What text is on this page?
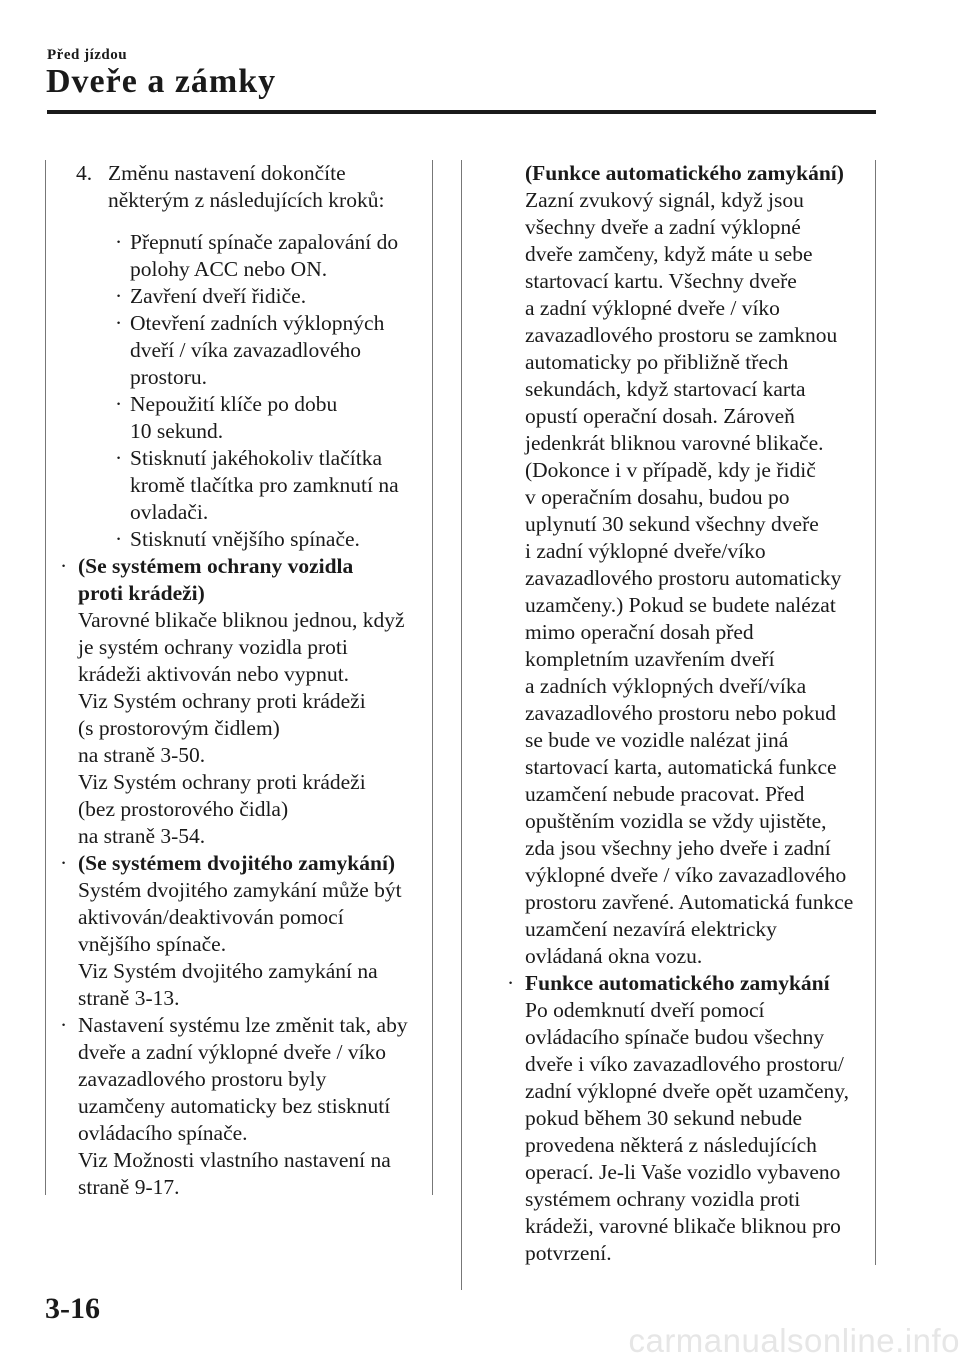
Před jízdou
Dveře a zámky
4. Změnu nastavení dokončíte

některým z následujících kroků:

· Přepnutí spínače zapalování do

polohy ACC nebo ON.

· Zavření dveří řidiče.

· Otevření zadních výklopných

dveří / víka zavazadlového

prostoru.

· Nepoužití klíče po dobu

10 sekund.

· Stisknutí jakéhokoliv tlačítka

kromě tlačítka pro zamknutí na

ovladači.

· Stisknutí vnějšího spínače.

· (Se systémem ochrany vozidla

proti krádeži)

Varovné blikače bliknou jednou, když

je systém ochrany vozidla proti

krádeži aktivován nebo vypnut.

Viz Systém ochrany proti krádeži

(s prostorovým čidlem)

na straně 3-50.

Viz Systém ochrany proti krádeži

(bez prostorového čidla)

na straně 3-54.

· (Se systémem dvojitého zamykání)

Systém dvojitého zamykání může být

aktivován/deaktivován pomocí

vnějšího spínače.

Viz Systém dvojitého zamykání na

straně 3-13.

· Nastavení systému lze změnit tak, aby

dveře a zadní výklopné dveře / víko

zavazadlového prostoru byly

uzamčeny automaticky bez stisknutí

ovládacího spínače.

Viz Možnosti vlastního nastavení na

straně 9-17.

(Funkce automatického zamykání)

Zazní zvukový signál, když jsou

všechny dveře a zadní výklopné

dveře zamčeny, když máte u sebe

startovací kartu. Všechny dveře

a zadní výklopné dveře / víko

zavazadlového prostoru se zamknou

automaticky po přibližně třech

sekundách, když startovací karta

opustí operační dosah. Zároveň

jedenkrát bliknou varovné blikače.

(Dokonce i v případě, kdy je řidič

v operačním dosahu, budou po

uplynutí 30 sekund všechny dveře

i zadní výklopné dveře/víko

zavazadlového prostoru automaticky

uzamčeny.) Pokud se budete nalézat

mimo operační dosah před

kompletním uzavřením dveří

a zadních výklopných dveří/víka

zavazadlového prostoru nebo pokud

se bude ve vozidle nalézat jiná

startovací karta, automatická funkce

uzamčení nebude pracovat. Před

opuštěním vozidla se vždy ujistěte,

zda jsou všechny jeho dveře i zadní

výklopné dveře / víko zavazadlového

prostoru zavřené. Automatická funkce

uzamčení nezavírá elektricky

ovládaná okna vozu.

· Funkce automatického zamykání

Po odemknutí dveří pomocí

ovládacího spínače budou všechny

dveře i víko zavazadlového prostoru/

zadní výklopné dveře opět uzamčeny,

pokud během 30 sekund nebude

provedena některá z následujících

operací. Je-li Vaše vozidlo vybaveno

systémem ochrany vozidla proti

krádeži, varovné blikače bliknou pro

potvrzení.

3-16
carmanualsonline.info
